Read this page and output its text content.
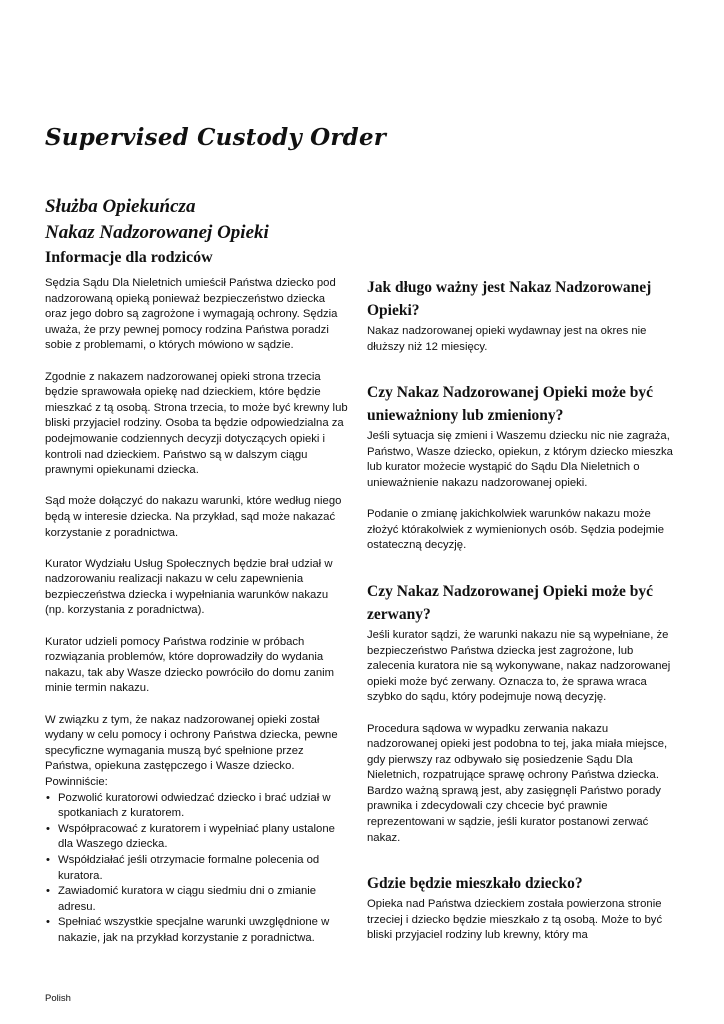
Supervised Custody Order
Służba Opiekuńcza
Nakaz Nadzorowanej Opieki
Informacje dla rodziców

Sędzia Sądu Dla Nieletnich umieścił Państwa dziecko pod nadzorowaną opieką ponieważ bezpieczeństwo dziecka oraz jego dobro są zagrożone i wymagają ochrony. Sędzia uważa, że przy pewnej pomocy rodzina Państwa poradzi sobie z problemami, o których mówiono w sądzie.

Zgodnie z nakazem nadzorowanej opieki strona trzecia będzie sprawowała opiekę nad dzieckiem, które będzie mieszkać z tą osobą. Strona trzecia, to może być krewny lub bliski przyjaciel rodziny. Osoba ta będzie odpowiedzialna za podejmowanie codziennych decyzji dotyczących opieki i kontroli nad dzieckiem. Państwo są w dalszym ciągu prawnymi opiekunami dziecka.

Sąd może dołączyć do nakazu warunki, które według niego będą w interesie dziecka. Na przykład, sąd może nakazać korzystanie z poradnictwa.

Kurator Wydziału Usług Społecznych będzie brał udział w nadzorowaniu realizacji nakazu w celu zapewnienia bezpieczeństwa dziecka i wypełniania warunków nakazu (np. korzystania z poradnictwa).

Kurator udzieli pomocy Państwa rodzinie w próbach rozwiązania problemów, które doprowadziły do wydania nakazu, tak aby Wasze dziecko powróciło do domu zanim minie termin nakazu.

W związku z tym, że nakaz nadzorowanej opieki został wydany w celu pomocy i ochrony Państwa dziecka, pewne specyficzne wymagania muszą być spełnione przez Państwa, opiekuna zastępczego i Wasze dziecko. Powinniście:

• Pozwolić kuratorowi odwiedzać dziecko i brać udział w spotkaniach z kuratorem.
• Współpracować z kuratorem i wypełniać plany ustalone dla Waszego dziecka.
• Współdziałać jeśli otrzymacie formalne polecenia od kuratora.
• Zawiadomić kuratora w ciągu siedmiu dni o zmianie adresu.
• Spełniać wszystkie specjalne warunki uwzględnione w nakazie, jak na przykład korzystanie z poradnictwa.
Jak długo ważny jest Nakaz Nadzorowanej Opieki?

Nakaz nadzorowanej opieki wydawnay jest na okres nie dłuższy niż 12 miesięcy.

Czy Nakaz Nadzorowanej Opieki może być unieważniony lub zmieniony?

Jeśli sytuacja się zmieni i Waszemu dziecku nic nie zagraża, Państwo, Wasze dziecko, opiekun, z którym dziecko mieszka lub kurator możecie wystąpić do Sądu Dla Nieletnich o unieważnienie nakazu nadzorowanej opieki.

Podanie o zmianę jakichkolwiek warunków nakazu może złożyć którakolwiek z wymienionych osób. Sędzia podejmie ostateczną decyzję.

Czy Nakaz Nadzorowanej Opieki może być zerwany?

Jeśli kurator sądzi, że warunki nakazu nie są wypełniane, że bezpieczeństwo Państwa dziecka jest zagrożone, lub zalecenia kuratora nie są wykonywane, nakaz nadzorowanej opieki może być zerwany. Oznacza to, że sprawa wraca szybko do sądu, który podejmuje nową decyzję.

Procedura sądowa w wypadku zerwania nakazu nadzorowanej opieki jest podobna to tej, jaka miała miejsce, gdy pierwszy raz odbywało się posiedzenie Sądu Dla Nieletnich, rozpatrujące sprawę ochrony Państwa dziecka. Bardzo ważną sprawą jest, aby zasięgnęli Państwo porady prawnika i zdecydowali czy chcecie być prawnie reprezentowani w sądzie, jeśli kurator postanowi zerwać nakaz.

Gdzie będzie mieszkało dziecko?

Opieka nad Państwa dzieckiem została powierzona stronie trzeciej i dziecko będzie mieszkało z tą osobą. Może to być bliski przyjaciel rodziny lub krewny, który ma

Polish
